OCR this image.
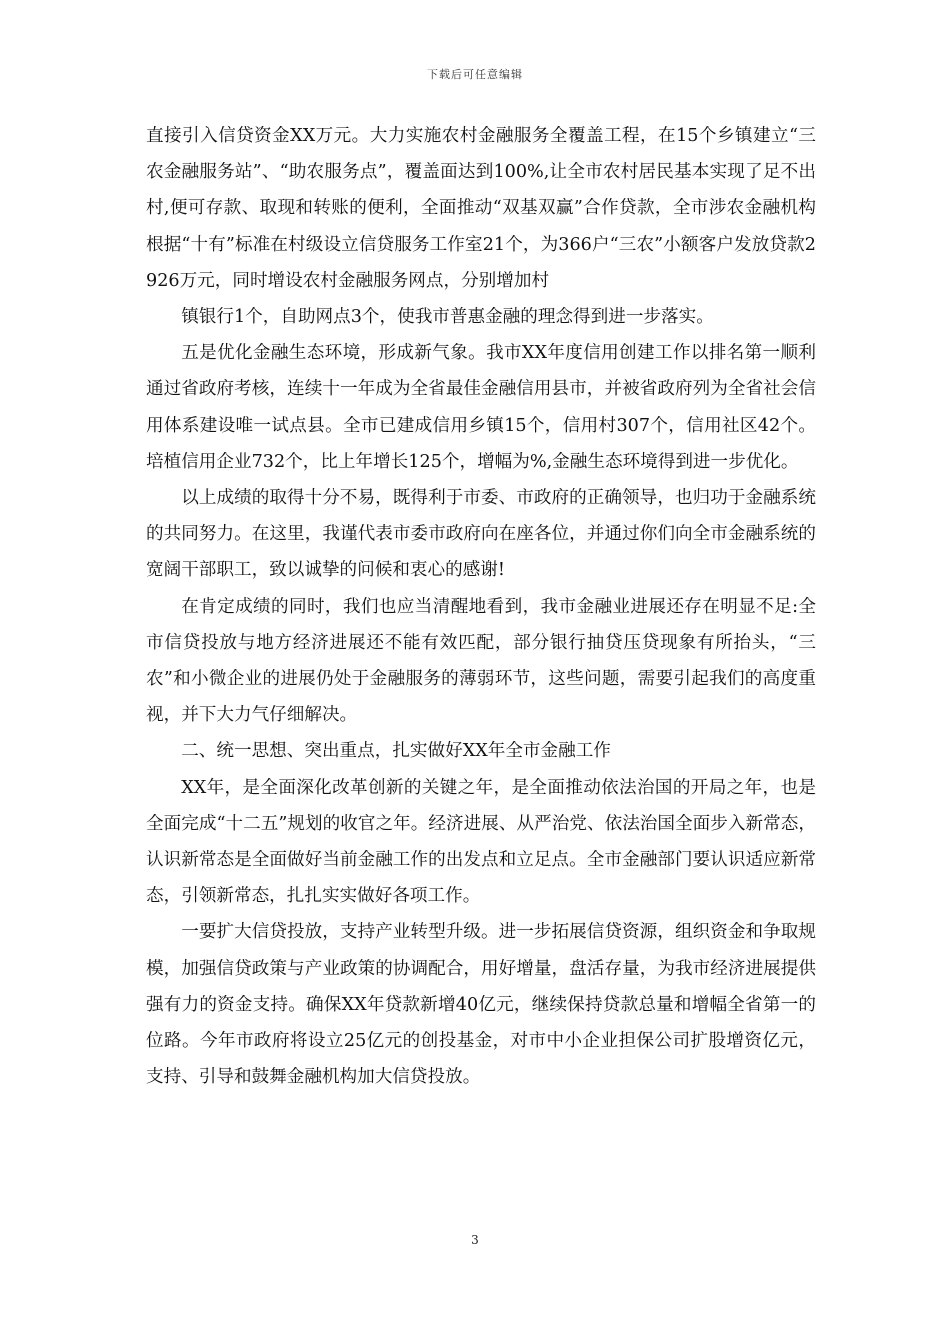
下载后可任意编辑

直接引入信贷资金XX万元。大力实施农村金融服务全覆盖工程，在15个乡镇建立“三农金融服务站”、“助农服务点”，覆盖面达到100%,让全市农村居民基本实现了足不出村,便可存款、取现和转账的便利，全面推动“双基双赢”合作贷款，全市涉农金融机构根据“十有”标准在村级设立信贷服务工作室21个，为366户“三农”小额客户发放贷款2926万元，同时增设农村金融服务网点，分别增加村

镇银行1个，自助网点3个，使我市普惠金融的理念得到进一步落实。

五是优化金融生态环境，形成新气象。我市XX年度信用创建工作以排名第一顺利通过省政府考核，连续十一年成为全省最佳金融信用县市，并被省政府列为全省社会信用体系建设唯一试点县。全市已建成信用乡镇15个，信用村307个，信用社区42个。培植信用企业732个，比上年增长125个，增幅为%,金融生态环境得到进一步优化。

以上成绩的取得十分不易，既得利于市委、市政府的正确领导，也归功于金融系统的共同努力。在这里，我谨代表市委市政府向在座各位，并通过你们向全市金融系统的宽阔干部职工，致以诚挚的问候和衷心的感谢!

在肯定成绩的同时，我们也应当清醒地看到，我市金融业进展还存在明显不足:全市信贷投放与地方经济进展还不能有效匹配，部分银行抽贷压贷现象有所抬头，“三农”和小微企业的进展仍处于金融服务的薄弱环节，这些问题，需要引起我们的高度重视，并下大力气仔细解决。

二、统一思想、突出重点，扎实做好XX年全市金融工作

XX年，是全面深化改革创新的关键之年，是全面推动依法治国的开局之年，也是全面完成“十二五”规划的收官之年。经济进展、从严治党、依法治国全面步入新常态，认识新常态是全面做好当前金融工作的出发点和立足点。全市金融部门要认识适应新常态，引领新常态，扎扎实实做好各项工作。

一要扩大信贷投放，支持产业转型升级。进一步拓展信贷资源，组织资金和争取规模，加强信贷政策与产业政策的协调配合，用好增量，盘活存量，为我市经济进展提供强有力的资金支持。确保XX年贷款新增40亿元，继续保持贷款总量和增幅全省第一的位路。今年市政府将设立25亿元的创投基金，对市中小企业担保公司扩股增资亿元，支持、引导和鼓舞金融机构加大信贷投放。

3
